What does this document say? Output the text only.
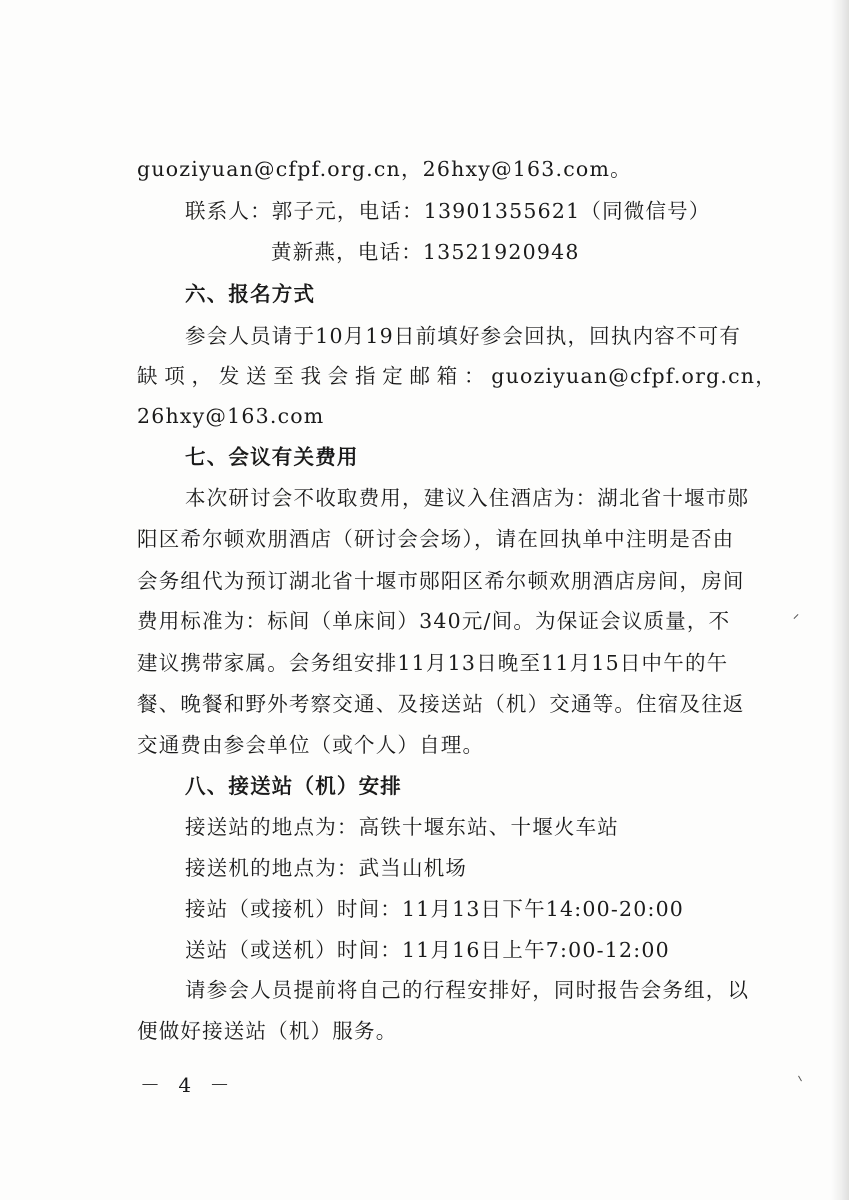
guoziyuan@cfpf.org.cn，26hxy@163.com。
联系人：郭子元，电话：13901355621（同微信号）
黄新燕，电话：13521920948
六、报名方式
参会人员请于10月19日前填好参会回执，回执内容不可有
缺 项 ， 发 送 至 我 会 指 定 邮 箱 ： guoziyuan@cfpf.org.cn，
26hxy@163.com
七、会议有关费用
本次研讨会不收取费用，建议入住酒店为：湖北省十堰市郧
阳区希尔顿欢朋酒店（研讨会会场），请在回执单中注明是否由
会务组代为预订湖北省十堰市郧阳区希尔顿欢朋酒店房间，房间
费用标准为：标间（单床间）340元/间。为保证会议质量，不
建议携带家属。会务组安排11月13日晚至11月15日中午的午
餐、晚餐和野外考察交通、及接送站（机）交通等。住宿及往返
交通费由参会单位（或个人）自理。
八、接送站（机）安排
接送站的地点为：高铁十堰东站、十堰火车站
接送机的地点为：武当山机场
接站（或接机）时间：11月13日下午14:00-20:00
送站（或送机）时间：11月16日上午7:00-12:00
请参会人员提前将自己的行程安排好，同时报告会务组，以
便做好接送站（机）服务。
－ 4 －
